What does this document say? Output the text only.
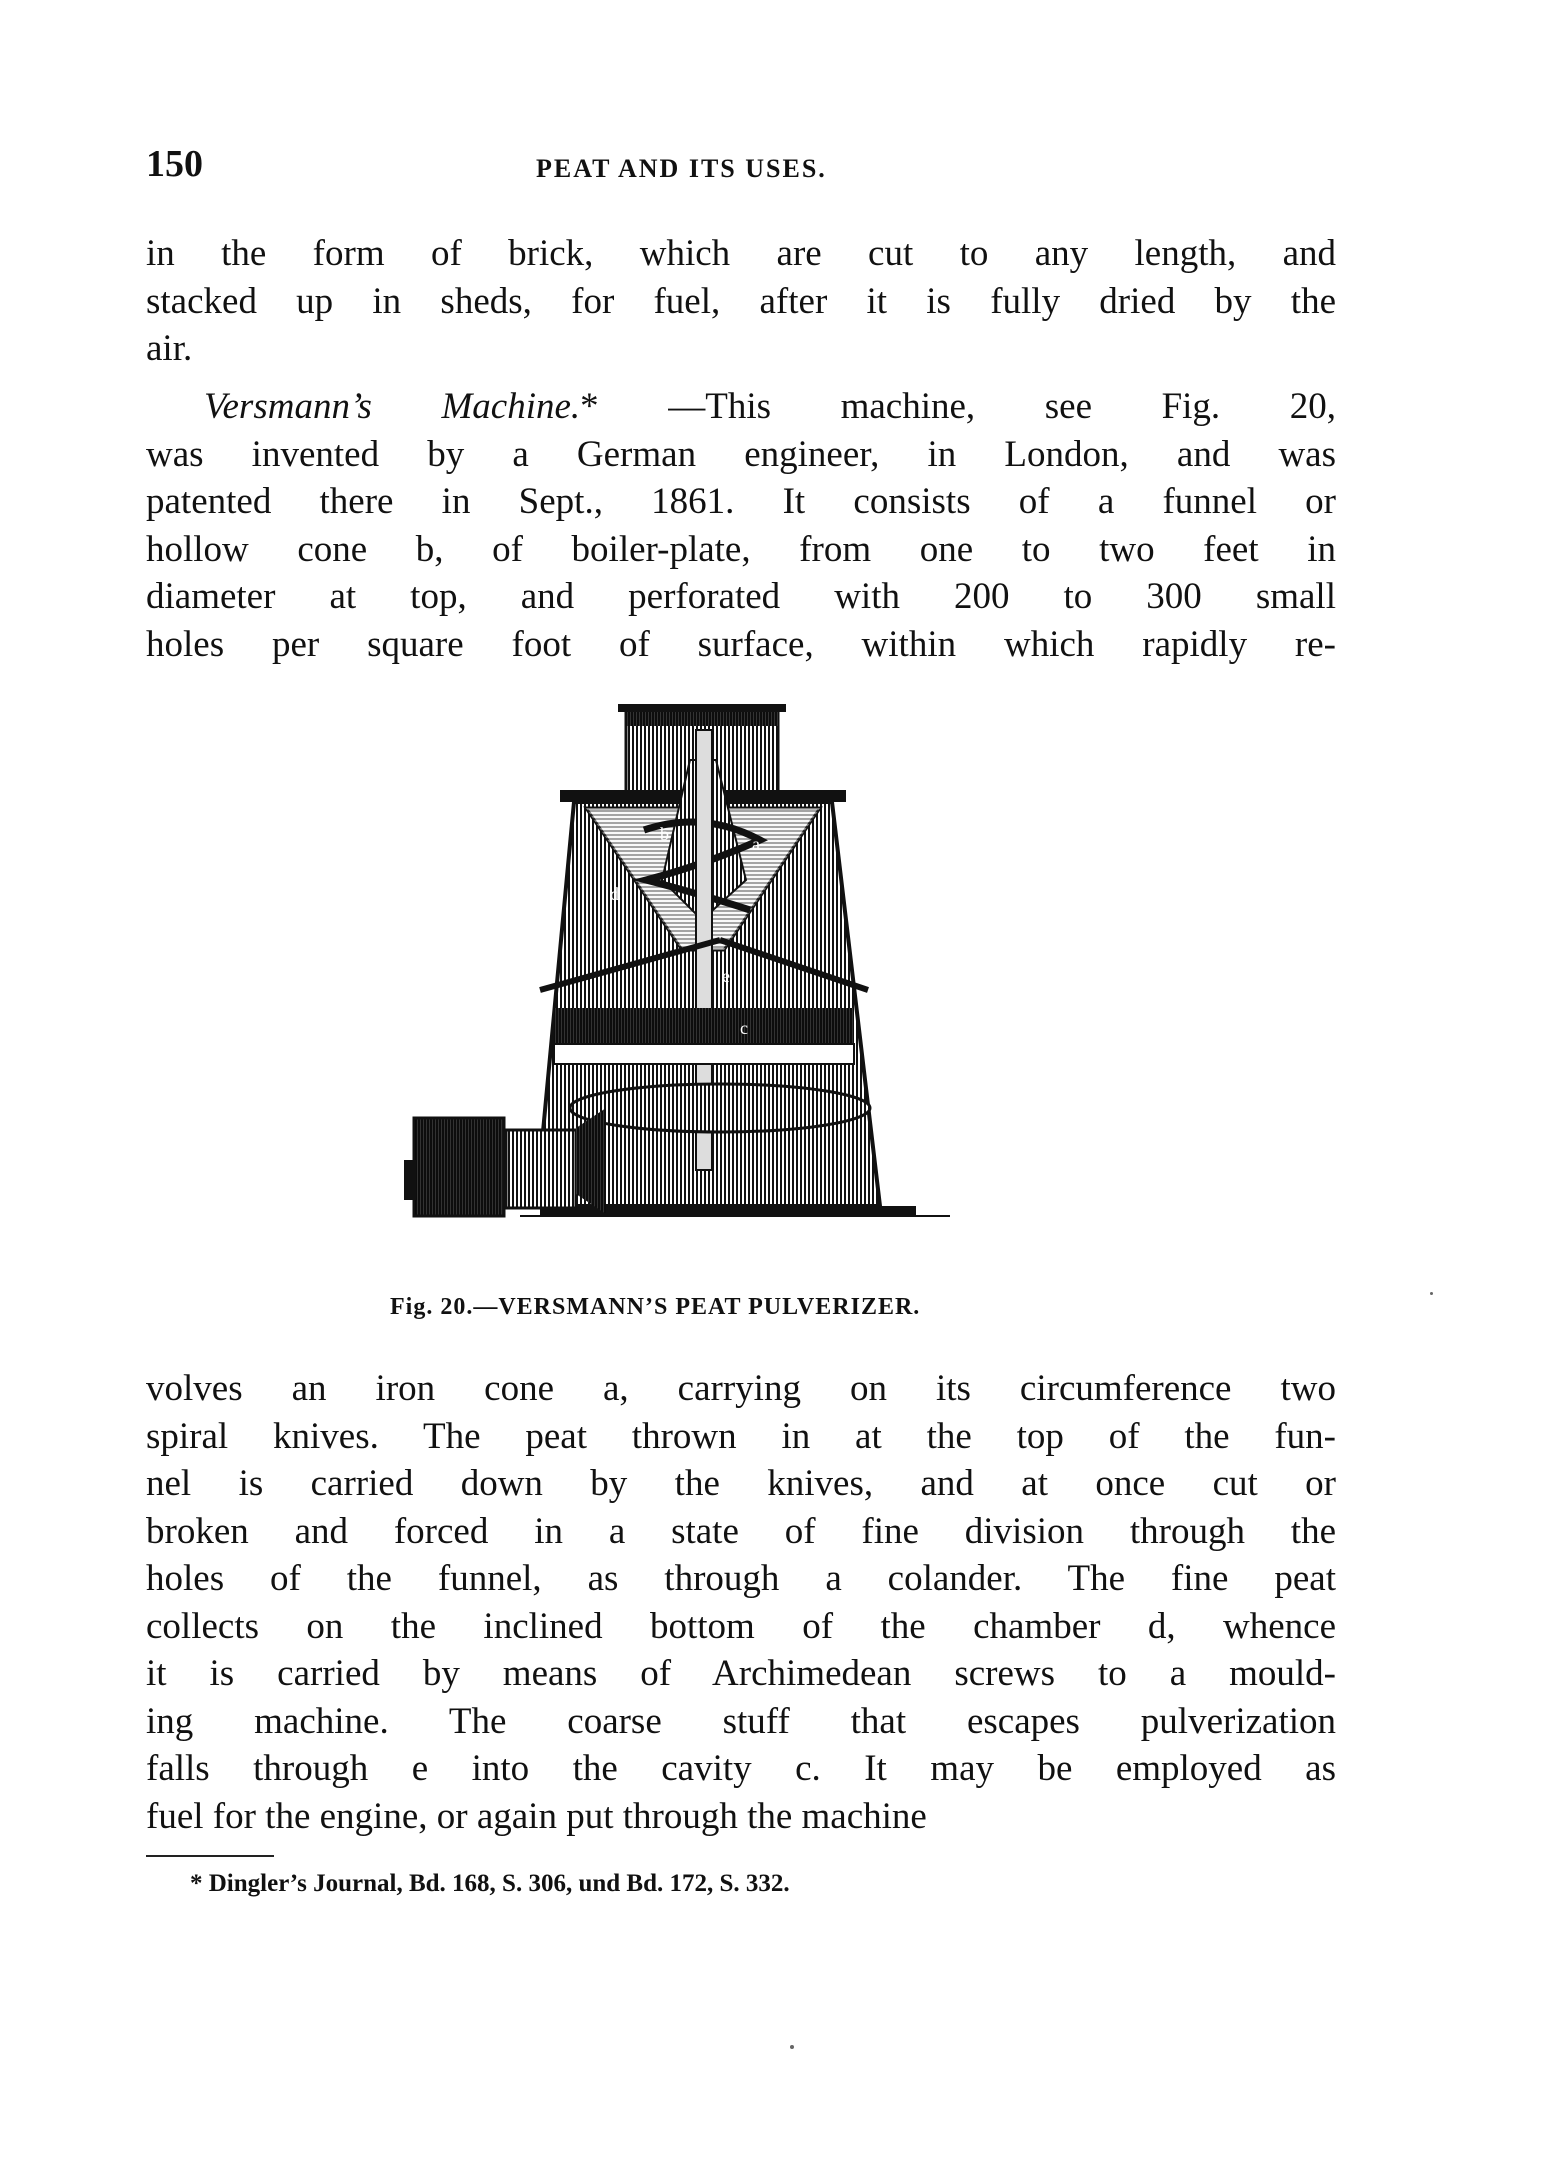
150	PEAT AND ITS USES.
in the form of brick, which are cut to any length, and
stacked up in sheds, for fuel, after it is fully dried by the
air.
Versmann’s Machine.* —This machine, see Fig. 20,
was invented by a German engineer, in London, and was
patented there in Sept., 1861. It consists of a funnel or
hollow cone b, of boiler-plate, from one to two feet in
diameter at top, and perforated with 200 to 300 small
holes per square foot of surface, within which rapidly re-
b
d
a
e
c
Fig. 20.—VERSMANN’S PEAT PULVERIZER.
volves an iron cone a, carrying on its circumference two
spiral knives. The peat thrown in at the top of the fun-
nel is carried down by the knives, and at once cut or
broken and forced in a state of fine division through the
holes of the funnel, as through a colander. The fine peat
collects on the inclined bottom of the chamber d, whence
it is carried by means of Archimedean screws to a mould-
ing machine. The coarse stuff that escapes pulverization
falls through e into the cavity c. It may be employed as
fuel for the engine, or again put through the machine
* Dingler’s Journal, Bd. 168, S. 306, und Bd. 172, S. 332.
